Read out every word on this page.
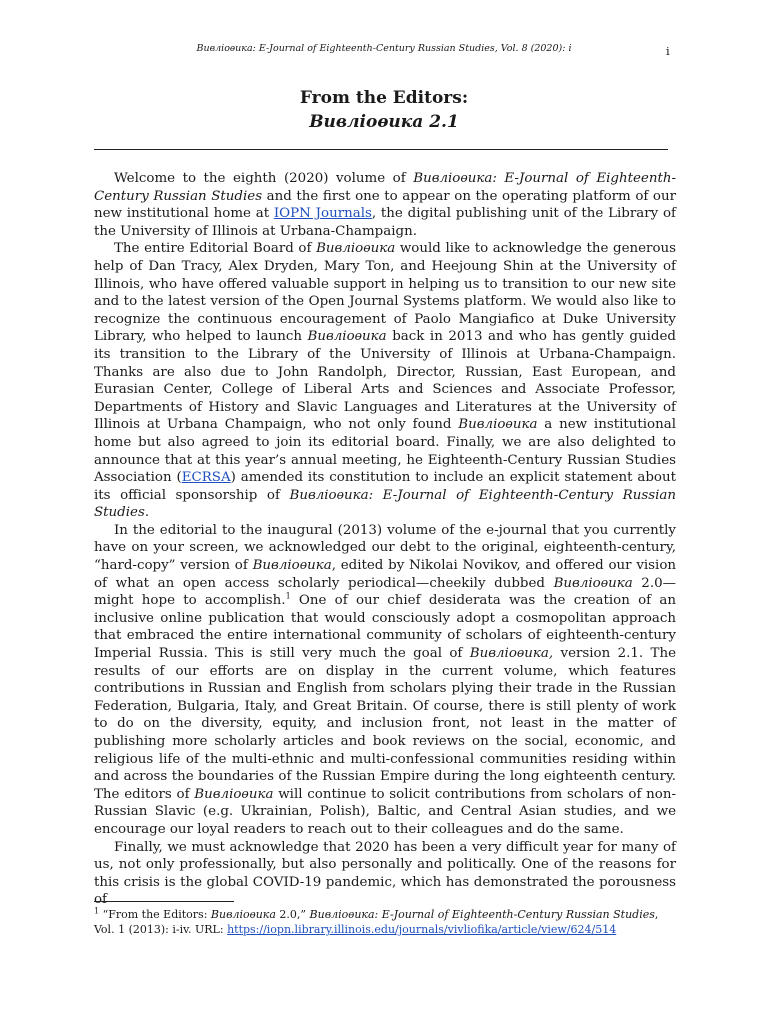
Вивліоѳика: E-Journal of Eighteenth-Century Russian Studies, Vol. 8 (2020): i	i
From the Editors:
Вивліоѳика 2.1

Welcome to the eighth (2020) volume of Вивліоѳика: E-Journal of Eighteenth-Century Russian Studies and the first one to appear on the operating platform of our new institutional home at IOPN Journals, the digital publishing unit of the Library of the University of Illinois at Urbana-Champaign.

The entire Editorial Board of Вивліоѳика would like to acknowledge the generous help of Dan Tracy, Alex Dryden, Mary Ton, and Heejoung Shin at the University of Illinois, who have offered valuable support in helping us to transition to our new site and to the latest version of the Open Journal Systems platform. We would also like to recognize the continuous encouragement of Paolo Mangiafico at Duke University Library, who helped to launch Вивліоѳика back in 2013 and who has gently guided its transition to the Library of the University of Illinois at Urbana-Champaign. Thanks are also due to John Randolph, Director, Russian, East European, and Eurasian Center, College of Liberal Arts and Sciences and Associate Professor, Departments of History and Slavic Languages and Literatures at the University of Illinois at Urbana Champaign, who not only found Вивліоѳика a new institutional home but also agreed to join its editorial board. Finally, we are also delighted to announce that at this year’s annual meeting, he Eighteenth-Century Russian Studies Association (ECRSA) amended its constitution to include an explicit statement about its official sponsorship of Вивліоѳика: E-Journal of Eighteenth-Century Russian Studies.

In the editorial to the inaugural (2013) volume of the e-journal that you currently have on your screen, we acknowledged our debt to the original, eighteenth-century, “hard-copy” version of Вивліоѳика, edited by Nikolai Novikov, and offered our vision of what an open access scholarly periodical—cheekily dubbed Вивліоѳика 2.0—might hope to accomplish.$^1$ One of our chief desiderata was the creation of an inclusive online publication that would consciously adopt a cosmopolitan approach that embraced the entire international community of scholars of eighteenth-century Imperial Russia. This is still very much the goal of Вивліоѳика, version 2.1. The results of our efforts are on display in the current volume, which features contributions in Russian and English from scholars plying their trade in the Russian Federation, Bulgaria, Italy, and Great Britain. Of course, there is still plenty of work to do on the diversity, equity, and inclusion front, not least in the matter of publishing more scholarly articles and book reviews on the social, economic, and religious life of the multi-ethnic and multi-confessional communities residing within and across the boundaries of the Russian Empire during the long eighteenth century. The editors of Вивліоѳика will continue to solicit contributions from scholars of non-Russian Slavic (e.g. Ukrainian, Polish), Baltic, and Central Asian studies, and we encourage our loyal readers to reach out to their colleagues and do the same.

Finally, we must acknowledge that 2020 has been a very difficult year for many of us, not only professionally, but also personally and politically. One of the reasons for this crisis is the global COVID-19 pandemic, which has demonstrated the porousness of

$^1$ “From the Editors: Вивліоѳика 2.0,” Вивліоѳика: E-Journal of Eighteenth-Century Russian Studies, Vol. 1 (2013): i-iv. URL: https://iopn.library.illinois.edu/journals/vivliofika/article/view/624/514
